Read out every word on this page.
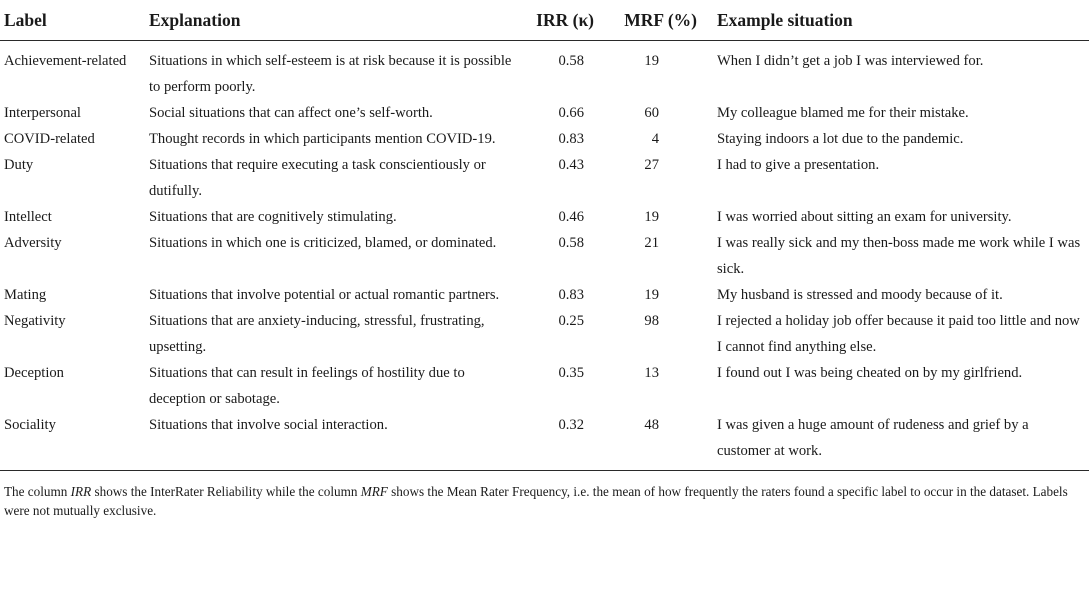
Label	Explanation	IRR (κ)	MRF (%)	Example situation
Achievement-related	Situations in which self-esteem is at risk because it is possible to perform poorly.	0.58	19	When I didn’t get a job I was interviewed for.
Interpersonal	Social situations that can affect one’s self-worth.	0.66	60	My colleague blamed me for their mistake.
COVID-related	Thought records in which participants mention COVID-19.	0.83	4	Staying indoors a lot due to the pandemic.
Duty	Situations that require executing a task conscientiously or dutifully.	0.43	27	I had to give a presentation.
Intellect	Situations that are cognitively stimulating.	0.46	19	I was worried about sitting an exam for university.
Adversity	Situations in which one is criticized, blamed, or dominated.	0.58	21	I was really sick and my then-boss made me work while I was sick.
Mating	Situations that involve potential or actual romantic partners.	0.83	19	My husband is stressed and moody because of it.
Negativity	Situations that are anxiety-inducing, stressful, frustrating, upsetting.	0.25	98	I rejected a holiday job offer because it paid too little and now I cannot find anything else.
Deception	Situations that can result in feelings of hostility due to deception or sabotage.	0.35	13	I found out I was being cheated on by my girlfriend.
Sociality	Situations that involve social interaction.	0.32	48	I was given a huge amount of rudeness and grief by a customer at work.
The column IRR shows the InterRater Reliability while the column MRF shows the Mean Rater Frequency, i.e. the mean of how frequently the raters found a specific label to occur in the dataset. Labels were not mutually exclusive.
